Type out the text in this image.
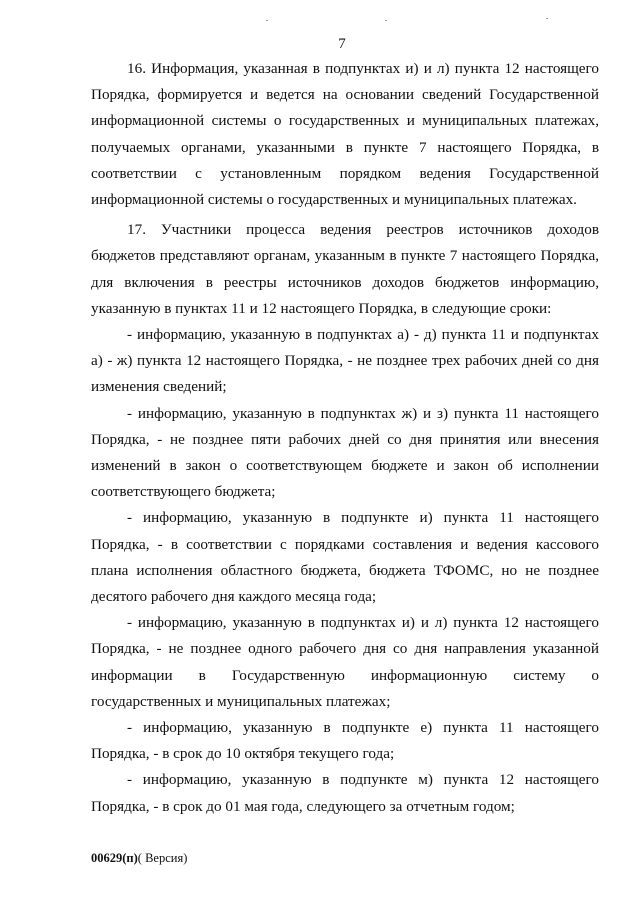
7

16. Информация, указанная в подпунктах и) и л) пункта 12 настоящего Порядка, формируется и ведется на основании сведений Государственной информационной системы о государственных и муниципальных платежах, получаемых органами, указанными в пункте 7 настоящего Порядка, в соответствии с установленным порядком ведения Государственной информационной системы о государственных и муниципальных платежах.

17. Участники процесса ведения реестров источников доходов бюджетов представляют органам, указанным в пункте 7 настоящего Порядка, для включения в реестры источников доходов бюджетов информацию, указанную в пунктах 11 и 12 настоящего Порядка, в следующие сроки:

- информацию, указанную в подпунктах а) - д) пункта 11 и подпунктах а) - ж) пункта 12 настоящего Порядка, - не позднее трех рабочих дней со дня изменения сведений;

- информацию, указанную в подпунктах ж) и з) пункта 11 настоящего Порядка, - не позднее пяти рабочих дней со дня принятия или внесения изменений в закон о соответствующем бюджете и закон об исполнении соответствующего бюджета;

- информацию, указанную в подпункте и) пункта 11 настоящего Порядка, - в соответствии с порядками составления и ведения кассового плана исполнения областного бюджета, бюджета ТФОМС, но не позднее десятого рабочего дня каждого месяца года;

- информацию, указанную в подпунктах и) и л) пункта 12 настоящего Порядка, - не позднее одного рабочего дня со дня направления указанной информации в Государственную информационную систему о государственных и муниципальных платежах;

- информацию, указанную в подпункте е) пункта 11 настоящего Порядка, - в срок до 10 октября текущего года;

- информацию, указанную в подпункте м) пункта 12 настоящего Порядка, - в срок до 01 мая года, следующего за отчетным годом;

00629(п)( Версия)
